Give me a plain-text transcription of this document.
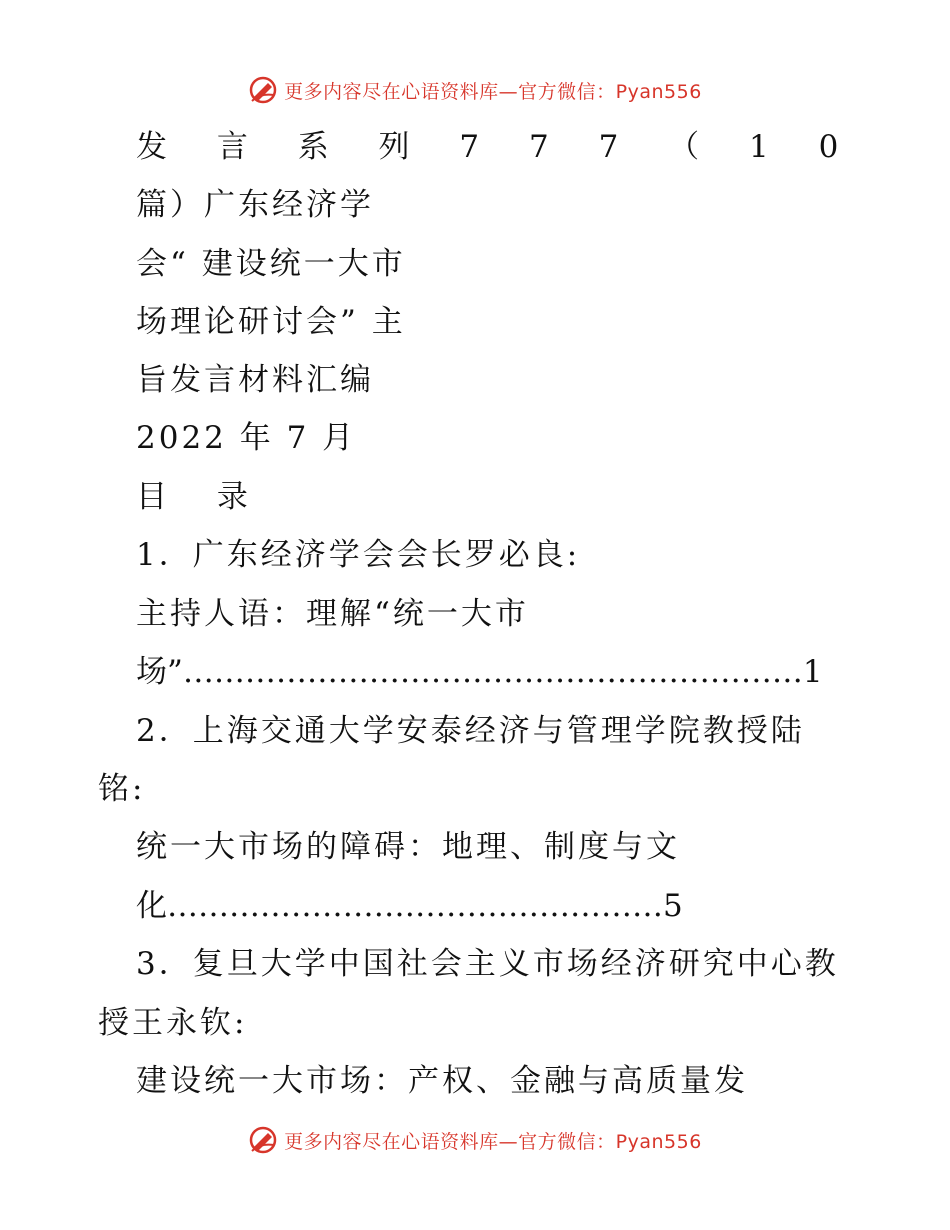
更多内容尽在心语资料库—官方微信：Pyan556
发 言 系 列 7 7 7 （ 1 0
篇）广东经济学
会“ 建设统一大市
场理论研讨会” 主
旨发言材料汇编
2022 年 7 月
目 录
1．广东经济学会会长罗必良:
主持人语：理解“统一大市
场”……………………………………………………1
2．上海交通大学安泰经济与管理学院教授陆
铭:
统一大市场的障碍：地理、制度与文
化…………………………………………5
3．复旦大学中国社会主义市场经济研究中心教
授王永钦:
建设统一大市场：产权、金融与高质量发
更多内容尽在心语资料库—官方微信：Pyan556
